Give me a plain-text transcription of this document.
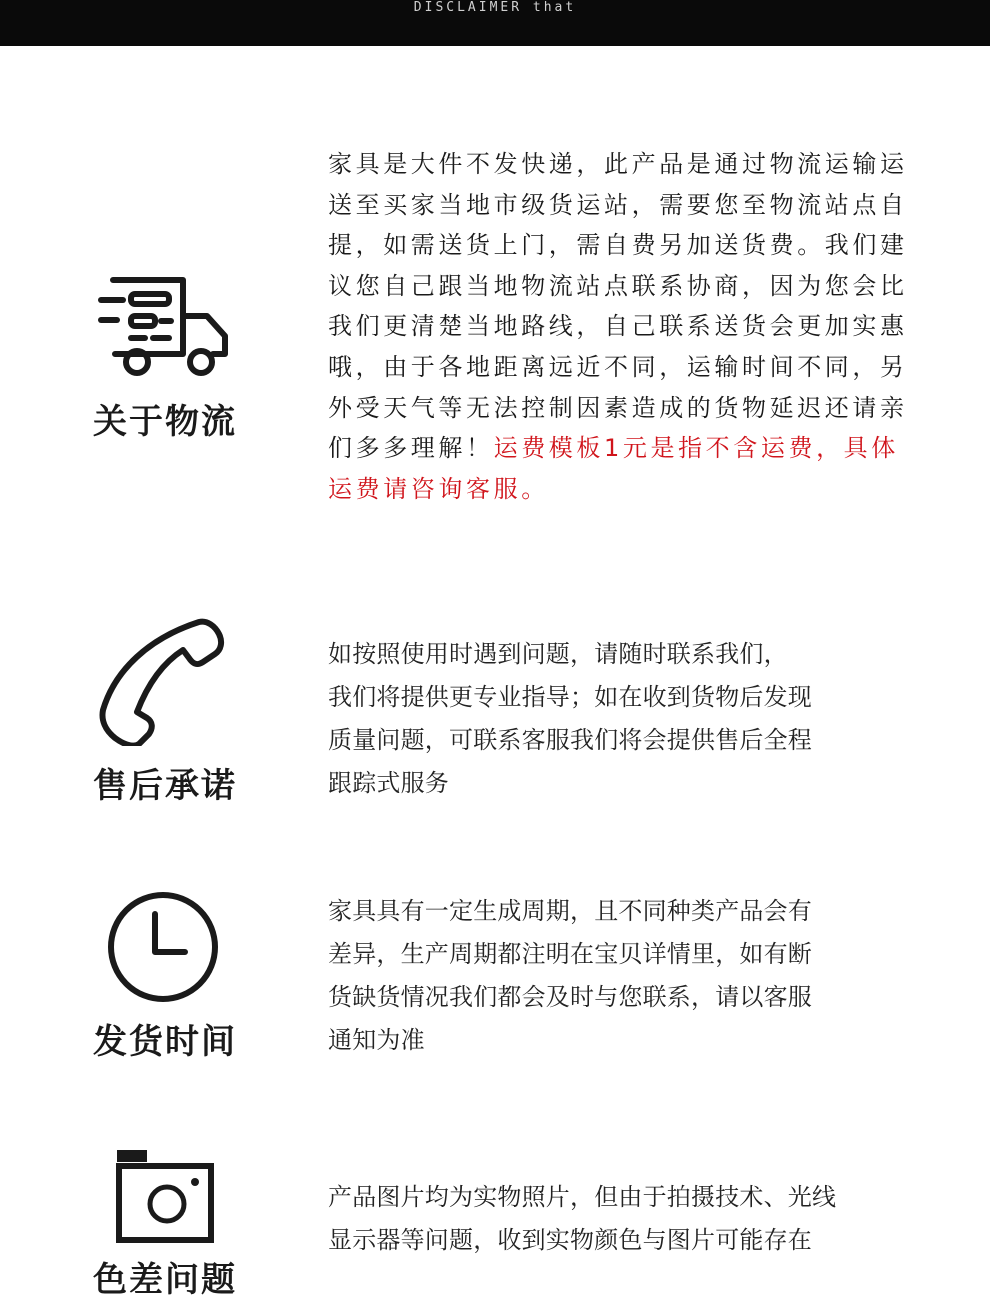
DISCLAIMER that
关于物流

家具是大件不发快递，此产品是通过物流运输运送至买家当地市级货运站，需要您至物流站点自提，如需送货上门，需自费另加送货费。我们建议您自己跟当地物流站点联系协商，因为您会比我们更清楚当地路线，自己联系送货会更加实惠哦，由于各地距离远近不同，运输时间不同，另外受天气等无法控制因素造成的货物延迟还请亲们多多理解！运费模板1元是指不含运费，具体运费请咨询客服。

售后承诺
如按照使用时遇到问题，请随时联系我们，
我们将提供更专业指导；如在收到货物后发现
质量问题，可联系客服我们将会提供售后全程
跟踪式服务
发货时间
家具具有一定生成周期，且不同种类产品会有
差异，生产周期都注明在宝贝详情里，如有断
货缺货情况我们都会及时与您联系，请以客服
通知为准
色差问题
产品图片均为实物照片，但由于拍摄技术、光线
显示器等问题，收到实物颜色与图片可能存在
